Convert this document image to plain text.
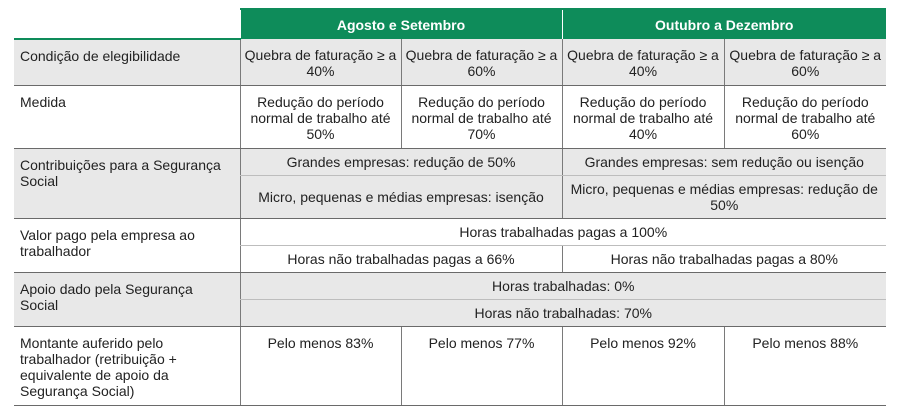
	Agosto e Setembro		Outubro a Dezembro	
Condição de elegibilidade	Quebra de faturação ≥ a 40%	Quebra de faturação ≥ a 60%	Quebra de faturação ≥ a 40%	Quebra de faturação ≥ a 60%
Medida	Redução do período normal de trabalho até 50%	Redução do período normal de trabalho até 70%	Redução do período normal de trabalho até 40%	Redução do período normal de trabalho até 60%
Contribuições para a Segurança Social	Grandes empresas: redução de 50%		Grandes empresas: sem redução ou isenção	
	Micro, pequenas e médias empresas: isenção		Micro, pequenas e médias empresas: redução de 50%	
Valor pago pela empresa ao trabalhador	Horas trabalhadas pagas a 100%			
	Horas não trabalhadas pagas a 66%		Horas não trabalhadas pagas a 80%	
Apoio dado pela Segurança Social	Horas trabalhadas: 0%			
	Horas não trabalhadas: 70%			
Montante auferido pelo trabalhador (retribuição + equivalente de apoio da Segurança Social)	Pelo menos 83%	Pelo menos 77%	Pelo menos 92%	Pelo menos 88%
